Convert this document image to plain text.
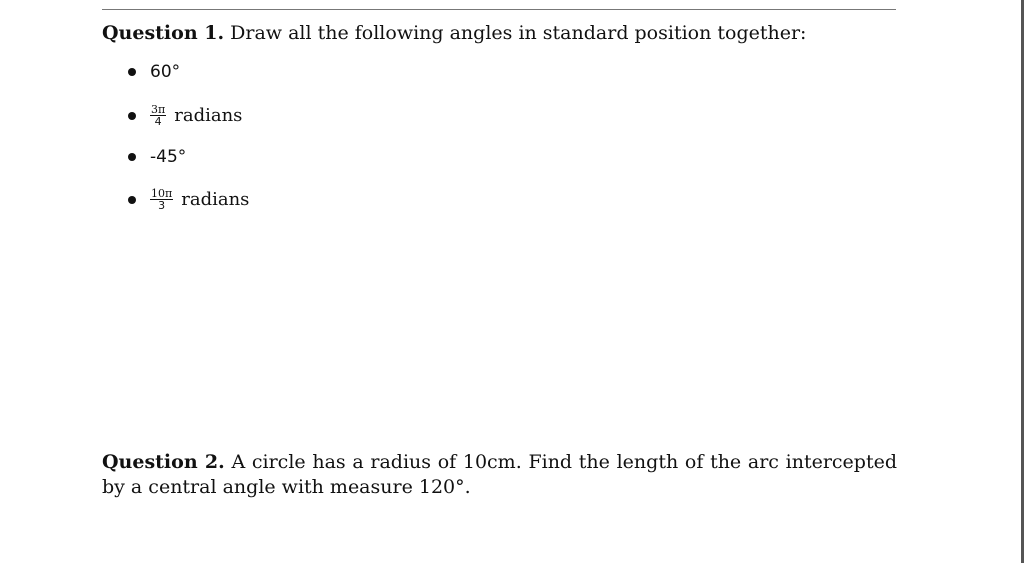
Question 1. Draw all the following angles in standard position together:
60°
$\frac{3\pi}{4}$ radians
-45°
$\frac{10\pi}{3}$ radians
Question 2. A circle has a radius of 10cm. Find the length of the arc intercepted by a central angle with measure 120°.
